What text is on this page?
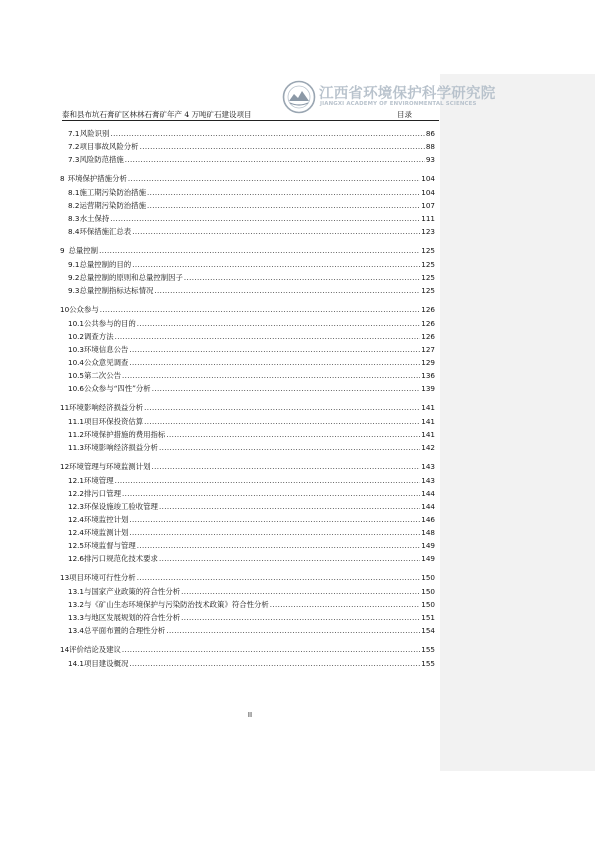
江西省环境保护科学研究院
JIANGXI ACADEMY OF ENVIRONMENTAL SCIENCES
泰和县布坑石膏矿区林林石膏矿年产 4 万吨矿石建设项目	目录
7.1 风险识别 .....	86
7.2 项目事故风险分析 .....	88
7.3 风险防范措施 .....	93
8 环境保护措施分析 .....	104
8.1 施工期污染防治措施 .....	104
8.2 运营期污染防治措施 .....	107
8.3 水土保持 .....	111
8.4 环保措施汇总表 .....	123
9 总量控制 .....	125
9.1 总量控制的目的 .....	125
9.2 总量控制的原则和总量控制因子 .....	125
9.3 总量控制指标达标情况 .....	125
10 公众参与 .....	126
10.1 公共参与的目的 .....	126
10.2 调查方法 .....	126
10.3 环境信息公告 .....	127
10.4 公众意见调查 .....	129
10.5 第二次公告 .....	136
10.6 公众参与“四性”分析 .....	139
11 环境影响经济损益分析 .....	141
11.1 项目环保投资估算 .....	141
11.2 环境保护措施的费用指标 .....	141
11.3 环境影响经济损益分析 .....	142
12 环境管理与环境监测计划 .....	143
12.1 环境管理 .....	143
12.2 排污口管理 .....	144
12.3 环保设施竣工验收管理 .....	144
12.4 环境监控计划 .....	146
12.4 环境监测计划 .....	148
12.5 环境监督与管理 .....	149
12.6 排污口规范化技术要求 .....	149
13 项目环境可行性分析 .....	150
13.1 与国家产业政策的符合性分析 .....	150
13.2 与《矿山生态环境保护与污染防治技术政策》符合性分析 .....	150
13.3 与地区发展规划的符合性分析 .....	151
13.4 总平面布置的合理性分析 .....	154
14 评价结论及建议 .....	155
14.1 项目建设概况 .....	155
II
